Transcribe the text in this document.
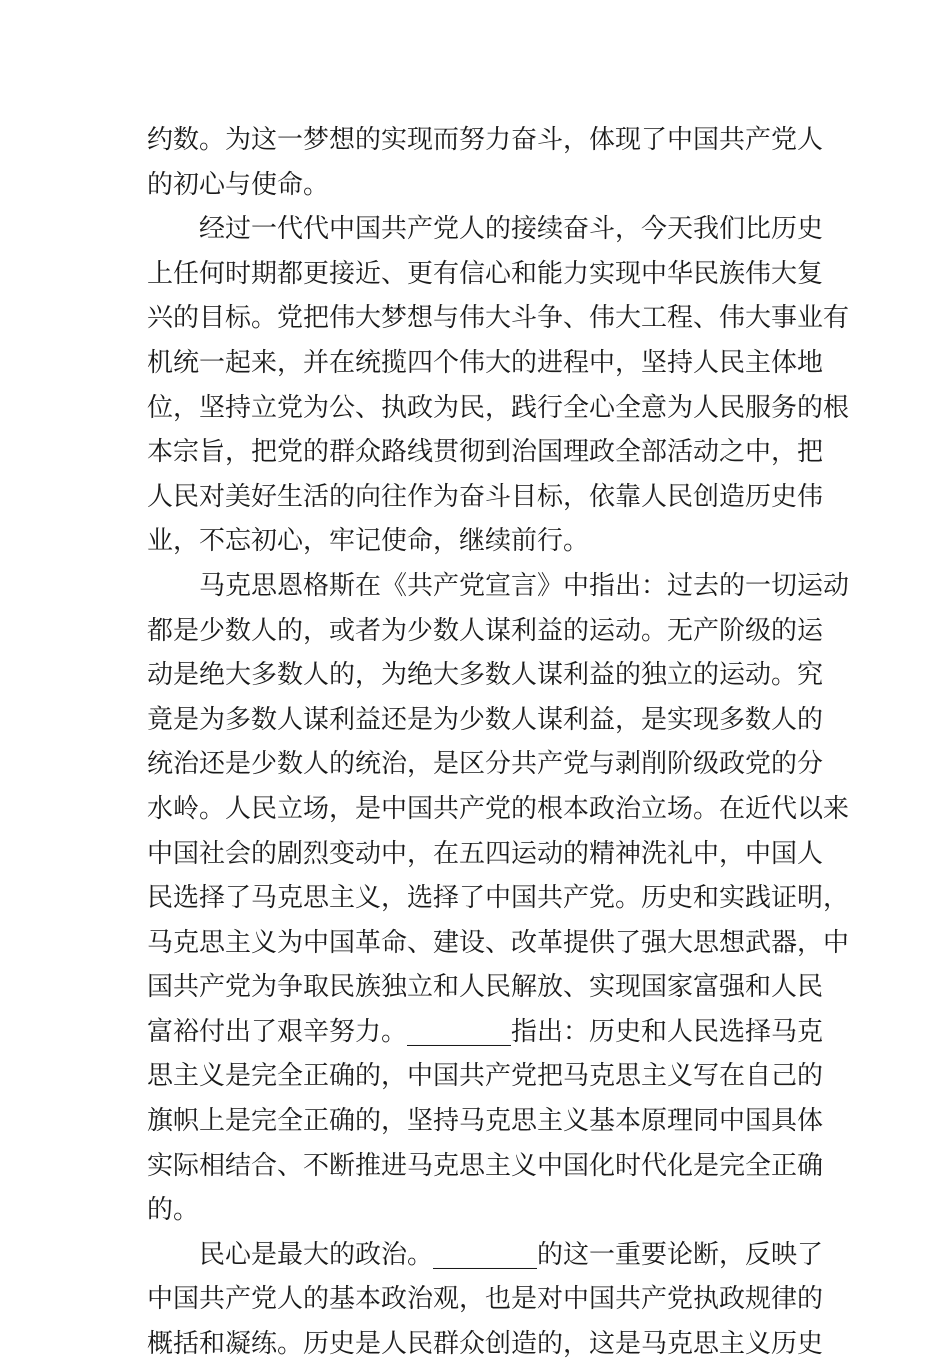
约数。为这一梦想的实现而努力奋斗，体现了中国共产党人
的初心与使命。
经过一代代中国共产党人的接续奋斗，今天我们比历史
上任何时期都更接近、更有信心和能力实现中华民族伟大复
兴的目标。党把伟大梦想与伟大斗争、伟大工程、伟大事业有
机统一起来，并在统揽四个伟大的进程中，坚持人民主体地
位，坚持立党为公、执政为民，践行全心全意为人民服务的根
本宗旨，把党的群众路线贯彻到治国理政全部活动之中，把
人民对美好生活的向往作为奋斗目标，依靠人民创造历史伟
业，不忘初心，牢记使命，继续前行。
马克思恩格斯在《共产党宣言》中指出：过去的一切运动
都是少数人的，或者为少数人谋利益的运动。无产阶级的运
动是绝大多数人的，为绝大多数人谋利益的独立的运动。究
竟是为多数人谋利益还是为少数人谋利益，是实现多数人的
统治还是少数人的统治，是区分共产党与剥削阶级政党的分
水岭。人民立场，是中国共产党的根本政治立场。在近代以来
中国社会的剧烈变动中，在五四运动的精神洗礼中，中国人
民选择了马克思主义，选择了中国共产党。历史和实践证明，
马克思主义为中国革命、建设、改革提供了强大思想武器，中
国共产党为争取民族独立和人民解放、实现国家富强和人民
富裕付出了艰辛努力。________指出：历史和人民选择马克
思主义是完全正确的，中国共产党把马克思主义写在自己的
旗帜上是完全正确的，坚持马克思主义基本原理同中国具体
实际相结合、不断推进马克思主义中国化时代化是完全正确
的。
民心是最大的政治。________的这一重要论断，反映了
中国共产党人的基本政治观，也是对中国共产党执政规律的
概括和凝练。历史是人民群众创造的，这是马克思主义历史
